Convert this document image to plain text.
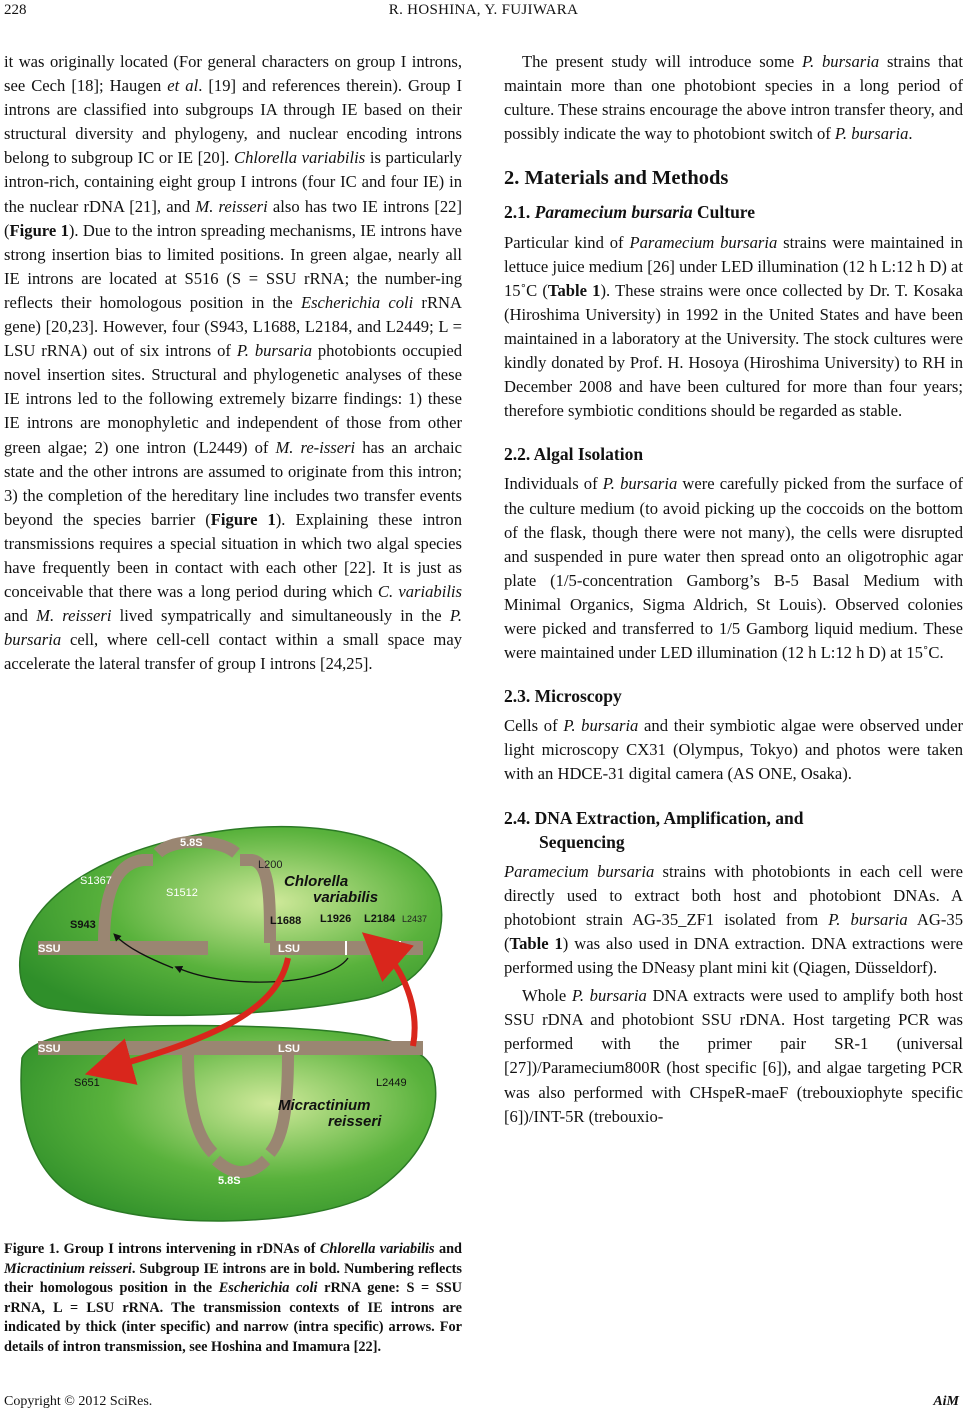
228	R. HOSHINA, Y. FUJIWARA

it was originally located (For general characters on group I introns, see Cech [18]; Haugen et al. [19] and references therein). Group I introns are classified into subgroups IA through IE based on their structural diversity and phylogeny, and nuclear encoding introns belong to subgroup IC or IE [20]. Chlorella variabilis is particularly intron-rich, containing eight group I introns (four IC and four IE) in the nuclear rDNA [21], and M. reisseri also has two IE introns [22] (Figure 1). Due to the intron spreading mechanisms, IE introns have strong insertion bias to limited positions. In green algae, nearly all IE introns are located at S516 (S = SSU rRNA; the number-ing reflects their homologous position in the Escherichia coli rRNA gene) [20,23]. However, four (S943, L1688, L2184, and L2449; L = LSU rRNA) out of six introns of P. bursaria photobionts occupied novel insertion sites. Structural and phylogenetic analyses of these IE introns led to the following extremely bizarre findings: 1) these IE introns are monophyletic and independent of those from other green algae; 2) one intron (L2449) of M. re-isseri has an archaic state and the other introns are assumed to originate from this intron; 3) the completion of the hereditary line includes two transfer events beyond the species barrier (Figure 1). Explaining these intron transmissions requires a special situation in which two algal species have frequently been in contact with each other [22]. It is just as conceivable that there was a long period during which C. variabilis and M. reisseri lived sympatrically and simultaneously in the P. bursaria cell, where cell-cell contact within a small space may accelerate the lateral transfer of group I introns [24,25].

SSU	LSU
5.8S
L200
S1367
S1512
S943	L1688 L1926 L2184 L2437
Chlorella
variabilis
SSU	LSU
S651	L2449
5.8S
Micractinium
reisseri
Figure 1. Group I introns intervening in rDNAs of Chlorella variabilis and Micractinium reisseri. Subgroup IE introns are in bold. Numbering reflects their homologous position in the Escherichia coli rRNA gene: S = SSU rRNA, L = LSU rRNA. The transmission contexts of IE introns are indicated by thick (inter specific) and narrow (intra specific) arrows. For details of intron transmission, see Hoshina and Imamura [22].

The present study will introduce some P. bursaria strains that maintain more than one photobiont species in a long period of culture. These strains encourage the above intron transfer theory, and possibly indicate the way to photobiont switch of P. bursaria.

2. Materials and Methods
2.1. Paramecium bursaria Culture

Particular kind of Paramecium bursaria strains were maintained in lettuce juice medium [26] under LED illumination (12 h L:12 h D) at 15˚C (Table 1). These strains were once collected by Dr. T. Kosaka (Hiroshima University) in 1992 in the United States and have been maintained in a laboratory at the University. The stock cultures were kindly donated by Prof. H. Hosoya (Hiroshima University) to RH in December 2008 and have been cultured for more than four years; therefore symbiotic conditions should be regarded as stable.

2.2. Algal Isolation

Individuals of P. bursaria were carefully picked from the surface of the culture medium (to avoid picking up the coccoids on the bottom of the flask, though there were not many), the cells were disrupted and suspended in pure water then spread onto an oligotrophic agar plate (1/5-concentration Gamborg’s B-5 Basal Medium with Minimal Organics, Sigma Aldrich, St Louis). Observed colonies were picked and transferred to 1/5 Gamborg liquid medium. These were maintained under LED illumination (12 h L:12 h D) at 15˚C.

2.3. Microscopy

Cells of P. bursaria and their symbiotic algae were observed under light microscopy CX31 (Olympus, Tokyo) and photos were taken with an HDCE-31 digital camera (AS ONE, Osaka).

2.4. DNA Extraction, Amplification, and
Sequencing

Paramecium bursaria strains with photobionts in each cell were directly used to extract both host and photobiont DNAs. A photobiont strain AG-35_ZF1 isolated from P. bursaria AG-35 (Table 1) was also used in DNA extraction. DNA extractions were performed using the DNeasy plant mini kit (Qiagen, Düsseldorf).

Whole P. bursaria DNA extracts were used to amplify both host SSU rDNA and photobiont SSU rDNA. Host targeting PCR was performed with the primer pair SR-1 (universal [27])/Paramecium800R (host specific [6]), and algae targeting PCR was also performed with CHspeR-maeF (trebouxiophyte specific [6])/INT-5R (trebouxio-

Copyright © 2012 SciRes.	AiM
